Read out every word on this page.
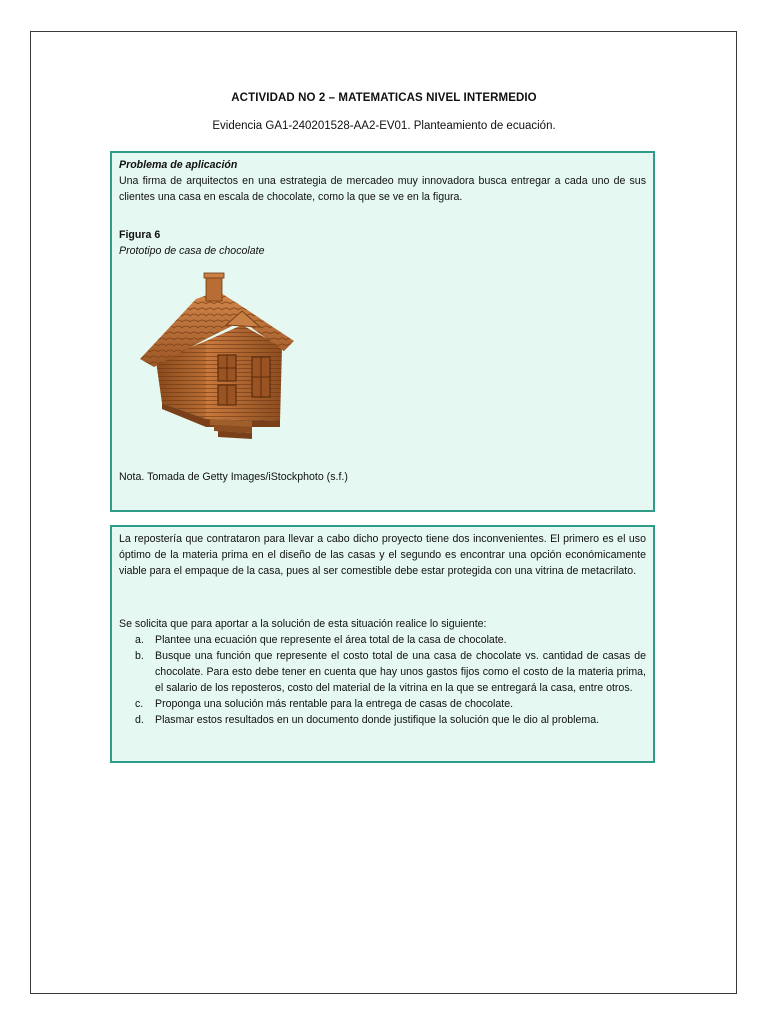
ACTIVIDAD NO 2 – MATEMATICAS NIVEL INTERMEDIO
Evidencia GA1-240201528-AA2-EV01. Planteamiento de ecuación.
Problema de aplicación
Una firma de arquitectos en una estrategia de mercadeo muy innovadora busca entregar a cada uno de sus clientes una casa en escala de chocolate, como la que se ve en la figura.
Figura 6
Prototipo de casa de chocolate
Nota. Tomada de Getty Images/iStockphoto (s.f.)
La repostería que contrataron para llevar a cabo dicho proyecto tiene dos inconvenientes. El primero es el uso óptimo de la materia prima en el diseño de las casas y el segundo es encontrar una opción económicamente viable para el empaque de la casa, pues al ser comestible debe estar protegida con una vitrina de metacrilato.
Se solicita que para aportar a la solución de esta situación realice lo siguiente:
a. Plantee una ecuación que represente el área total de la casa de chocolate.
b. Busque una función que represente el costo total de una casa de chocolate vs. cantidad de casas de chocolate. Para esto debe tener en cuenta que hay unos gastos fijos como el costo de la materia prima, el salario de los reposteros, costo del material de la vitrina en la que se entregará la casa, entre otros.
c. Proponga una solución más rentable para la entrega de casas de chocolate.
d. Plasmar estos resultados en un documento donde justifique la solución que le dio al problema.
